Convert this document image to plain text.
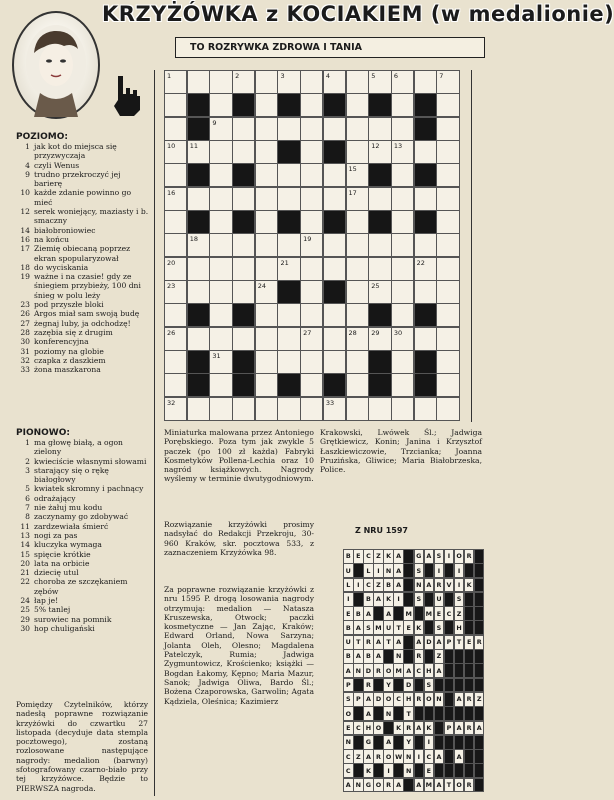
KRZYŻÓWKA z KOCIAKIEM (w medalionie)
TO ROZRYWKA ZDROWA I TANIA
POZIOMO:
1 jak kot do miejsca się przyzwyczaja
4 czyli Wenus
9 trudno przekroczyć jej barierę
10 każde zdanie powinno go mieć
12 serek woniejący, maziasty i b. smaczny
14 białobroniowiec
16 na końcu
17 Ziemię obiecaną poprzez ekran spopularyzował
18 do wyciskania
19 ważne i na czasie! gdy ze śniegiem przybieży, 100 dni śnieg w polu leży
23 pod przyszłe bloki
26 Argos miał sam swoją budę
27 żegnaj luby, ja odchodzę!
28 zazębia się z drugim
30 konferencyjna
31 poziomy na globie
32 czapka z daszkiem
33 żona maszkarona
PIONOWO:
1 ma głowę białą, a ogon zielony
2 kwieciście własnymi słowami
3 starający się o rękę białogłowy
5 kwiatek skromny i pachnący
6 odrażający
7 nie żałuj mu kodu
8 zaczynamy go zdobywać
11 zardzewiała śmierć
13 nogi za pas
14 kluczyka wymaga
15 spięcie krótkie
20 lata na orbicie
21 dziecię utul
22 choroba ze szczękaniem zębów
24 łap je!
25 5% tanlej
29 surowiec na pomnik
30 hop chuligański
Pomiędzy Czytelników, którzy nadesłą poprawne rozwiązanie krzyżówki do czwartku 27 listopada (decyduje data stempla pocztowego), zostaną rozlosowane następujące nagrody: medalion (barwny) sfotografowany czarno-biało przy tej krzyżówce. Będzie to PIERWSZA nagroda.
Miniaturka malowana przez Antoniego Porębskiego. Poza tym jak zwykle 5 paczek (po 100 zł każda) Fabryki Kosmetyków Pollena-Lechia oraz 10 nagród książkowych. Nagrody wyślemy w terminie dwutygodniowym.
Rozwiązanie krzyżówki prosimy nadsyłać do Redakcji Przekroju, 30-960 Kraków, skr. pocztowa 533, z zaznaczeniem Krzyżówka 98.
Za poprawne rozwiązanie krzyżówki z nru 1595 P. drogą losowania nagrody otrzymują: medalion — Natasza Kruszewska, Otwock; paczki kosmetyczne — Jan Zając, Kraków; Edward Orland, Nowa Sarzyna; Jolanta Oleh, Olesno; Magdalena Patelczyk, Rumia; Jadwiga Zygmuntowicz, Krościenko; książki — Bogdan Łakomy, Kępno; Maria Mazur, Sanok; Jadwiga Oliwa, Bardo Śl.; Bożena Czaporowska, Garwolin; Agata Kądziela, Oleśnica; Kazimierz
Krakowski, Lwówek Śl.; Jadwiga Grętkiewicz, Konin; Janina i Krzysztof Łaszkiewiczowie, Trzcianka; Joanna Pruzińska, Gliwice; Maria Białobrzeska, Police.
Z NRU 1597
1	2	3	4	5	6	7
9
10 11	12 13
15
16	17
18	19
20	21	22
23	24	25
26	27	28 29 30
31
32	33
B E C Z K A	G A S	I O R
U	L	I N A	S	I	I
L	I	C Z B A	N A R V	I K
I	B A K I	S	U	S
E B A	A	M	M E C Z
B A S M U T E K	S	H
U T R A T A	A D A P T E R
B A B A	N	R	Z
A N D R O M A C H A
P	R	Y	D	S
S P A D O C H R O N	A R Z
O	A	N	T
E C H O	K R A K	P A R A
N	G	A	Y	I
C Z A R O W N I	C A	A
C	K	I	N	E
A N G O R A	A M A T O R
